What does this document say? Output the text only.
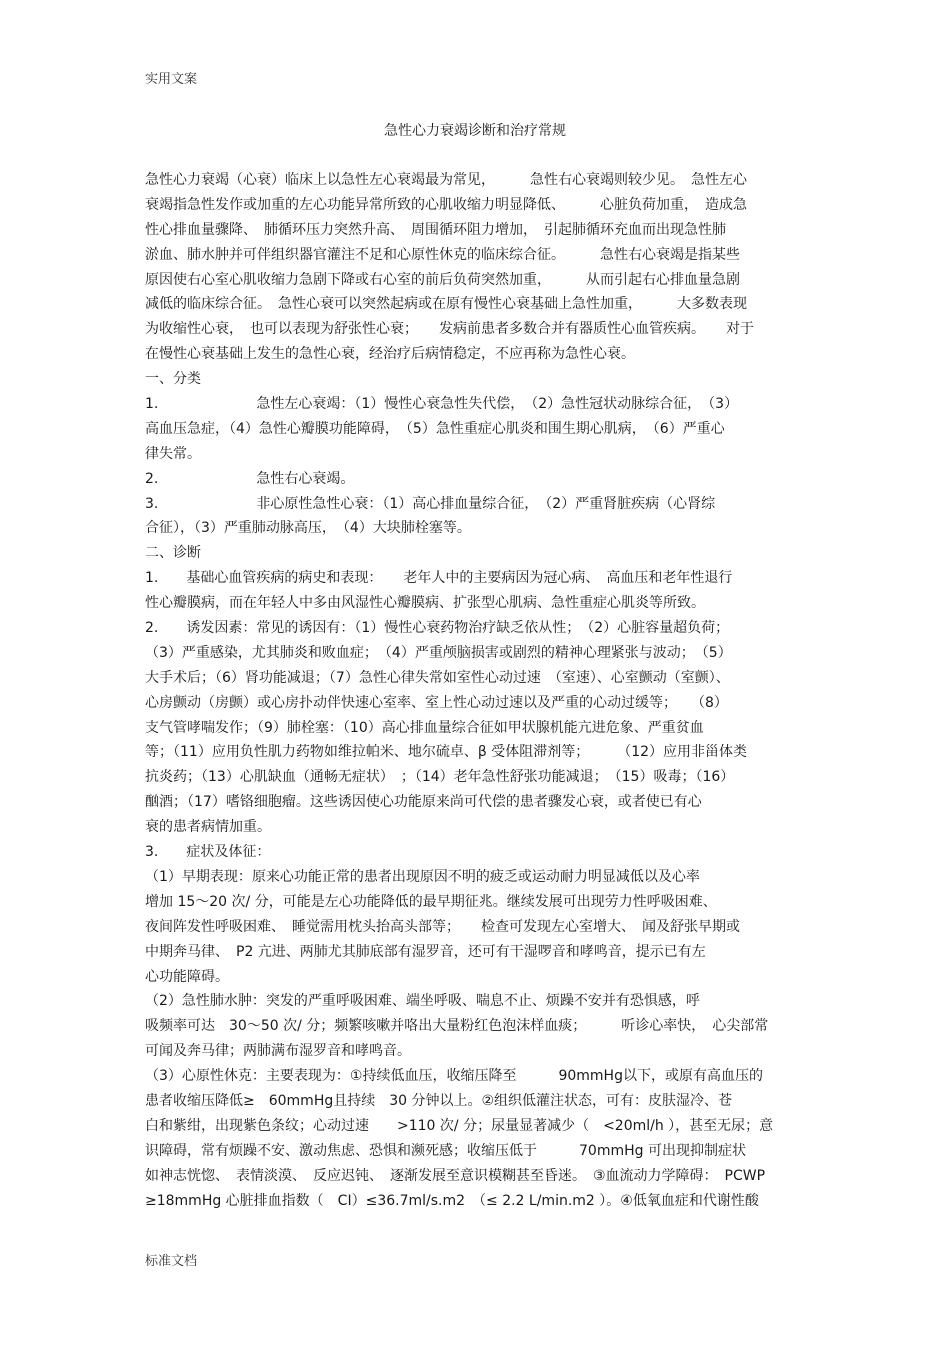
实用文案
急性心力衰竭诊断和治疗常规
急性心力衰竭（心衰）临床上以急性左心衰竭最为常见，　　　急性右心衰竭则较少见。　急性左心
衰竭指急性发作或加重的左心功能异常所致的心肌收缩力明显降低、　　　心脏负荷加重，　造成急
性心排血量骤降、　肺循环压力突然升高、　周围循环阻力增加，　引起肺循环充血而出现急性肺
淤血、肺水肿并可伴组织器官灌注不足和心原性休克的临床综合征。　　　急性右心衰竭是指某些
原因使右心室心肌收缩力急剧下降或右心室的前后负荷突然加重，　　　从而引起右心排血量急剧
减低的临床综合征。　急性心衰可以突然起病或在原有慢性心衰基础上急性加重，　　　大多数表现
为收缩性心衰，　也可以表现为舒张性心衰；　　发病前患者多数合并有器质性心血管疾病。　　对于
在慢性心衰基础上发生的急性心衰，经治疗后病情稳定，不应再称为急性心衰。
一、分类
1.　　　　　　　急性左心衰竭：（1）慢性心衰急性失代偿，　（2）急性冠状动脉综合征，　（3）
高血压急症，（4）急性心瓣膜功能障碍，　（5）急性重症心肌炎和围生期心肌病，　（6）严重心
律失常。
2.　　　　　　　急性右心衰竭。
3.　　　　　　　非心原性急性心衰：（1）高心排血量综合征，　（2）严重肾脏疾病（心肾综
合征），（3）严重肺动脉高压，　（4）大块肺栓塞等。
二、诊断
1.　　基础心血管疾病的病史和表现：　　老年人中的主要病因为冠心病、　高血压和老年性退行
性心瓣膜病，而在年轻人中多由风湿性心瓣膜病、扩张型心肌病、急性重症心肌炎等所致。
2.　　诱发因素：常见的诱因有：（1）慢性心衰药物治疗缺乏依从性；　（2）心脏容量超负荷；
（3）严重感染，尤其肺炎和败血症；　（4）严重颅脑损害或剧烈的精神心理紧张与波动；　（5）
大手术后；（6）肾功能减退；（7）急性心律失常如室性心动过速　（室速）、心室颤动（室颤）、
心房颤动（房颤）或心房扑动伴快速心室率、室上性心动过速以及严重的心动过缓等；　　（8）
支气管哮喘发作；（9）肺栓塞：（10）高心排血量综合征如甲状腺机能亢进危象、严重贫血
等；（11）应用负性肌力药物如维拉帕米、地尔硫卓、β 受体阻滞剂等；　　　（12）应用非甾体类
抗炎药；（13）心肌缺血（通畅无症状）　；（14）老年急性舒张功能减退；　（15）吸毒；（16）
酗酒；（17）嗜铬细胞瘤。这些诱因使心功能原来尚可代偿的患者骤发心衰，或者使已有心
衰的患者病情加重。
3.　　症状及体征：
（1）早期表现：原来心功能正常的患者出现原因不明的疲乏或运动耐力明显减低以及心率
增加 15～20 次/ 分，可能是左心功能降低的最早期征兆。继续发展可出现劳力性呼吸困难、
夜间阵发性呼吸困难、　睡觉需用枕头抬高头部等；　　检查可发现左心室增大、　闻及舒张早期或
中期奔马律、　P2 亢进、两肺尤其肺底部有湿罗音，还可有干湿啰音和哮鸣音，提示已有左
心功能障碍。
（2）急性肺水肿：突发的严重呼吸困难、端坐呼吸、喘息不止、烦躁不安并有恐惧感，呼
吸频率可达　30～50 次/ 分；频繁咳嗽并咯出大量粉红色泡沫样血痰；　　　听诊心率快，　心尖部常
可闻及奔马律；两肺满布湿罗音和哮鸣音。
（3）心原性休克：主要表现为：①持续低血压，收缩压降至　　　90mmHg以下，或原有高血压的
患者收缩压降低≥　60mmHg且持续　30 分钟以上。②组织低灌注状态，可有：皮肤湿冷、苍
白和紫绀，出现紫色条纹；心动过速　　>110 次/ 分；尿量显著减少（　<20ml/h ），甚至无尿；意
识障碍，常有烦躁不安、激动焦虑、恐惧和濒死感；收缩压低于　　　70mmHg 可出现抑制症状
如神志恍惚、　表情淡漠、　反应迟钝、　逐渐发展至意识模糊甚至昏迷。　③血流动力学障碍：　PCWP
≥18mmHg 心脏排血指数（　CI）≤36.7ml/s.m2　（≤ 2.2 L/min.m2 ）。④低氧血症和代谢性酸
标准文档
